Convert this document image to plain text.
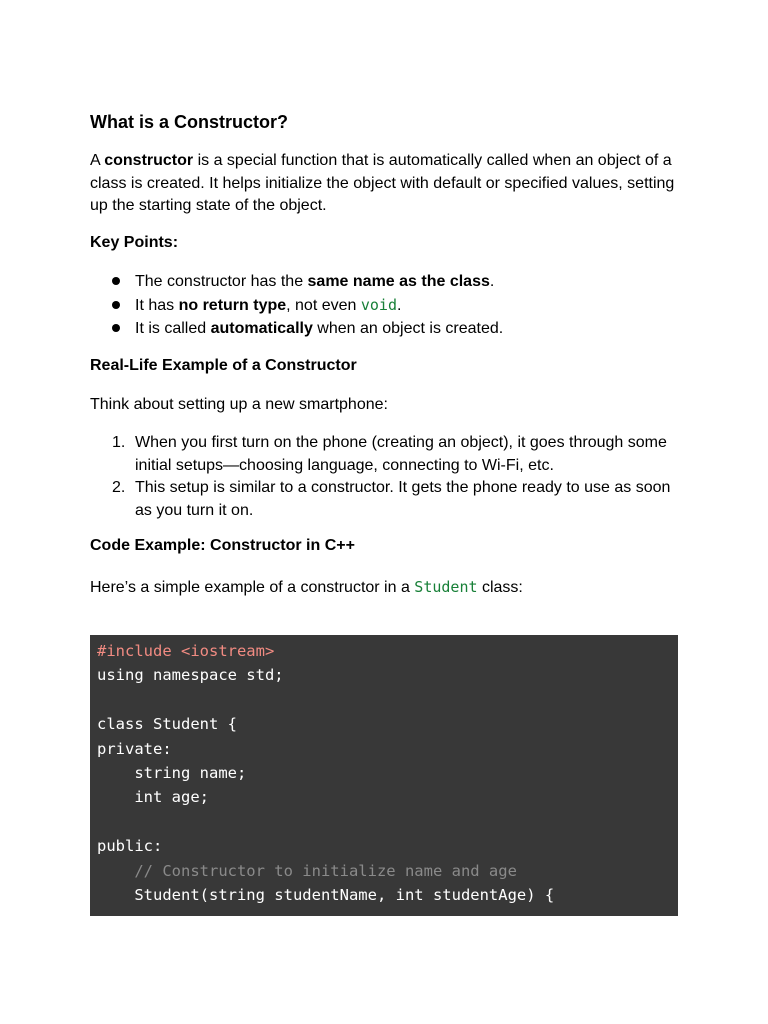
What is a Constructor?

A constructor is a special function that is automatically called when an object of a class is created. It helps initialize the object with default or specified values, setting up the starting state of the object.

Key Points:
The constructor has the same name as the class.
It has no return type, not even void.
It is called automatically when an object is created.
Real-Life Example of a Constructor

Think about setting up a new smartphone:

1. When you first turn on the phone (creating an object), it goes through some initial setups—choosing language, connecting to Wi-Fi, etc.
2. This setup is similar to a constructor. It gets the phone ready to use as soon as you turn it on.
Code Example: Constructor in C++

Here’s a simple example of a constructor in a Student class:

#include <iostream>
using namespace std;

class Student {
private:
string name;
int age;

public:
// Constructor to initialize name and age
Student(string studentName, int studentAge) {
